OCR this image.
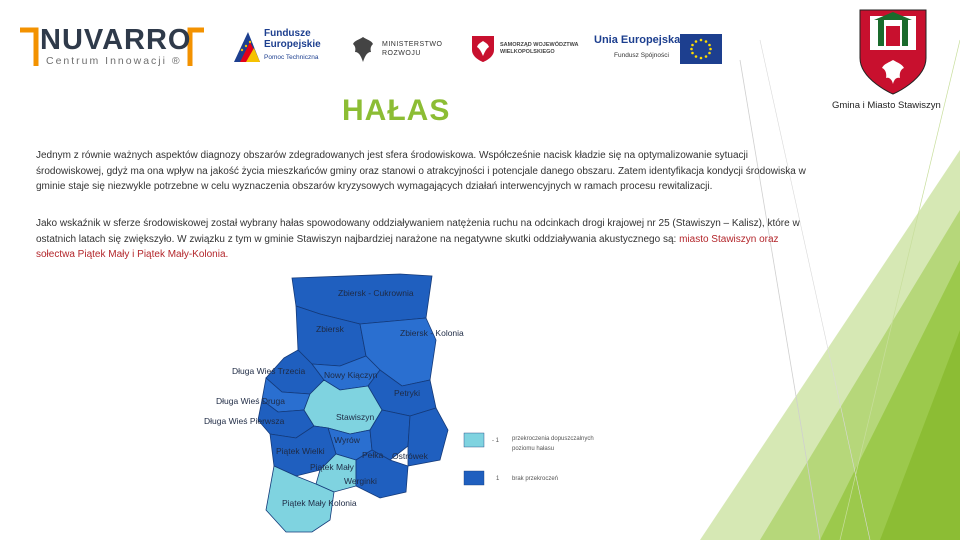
NUVARRO
Centrum Innowacji ®
Fundusze
Europejskie
Pomoc Techniczna
MINISTERSTWO
ROZWOJU
SAMORZĄD WOJEWÓDZTWA
WIELKOPOLSKIEGO
Unia Europejska
Fundusz Spójności
Gmina i Miasto Stawiszyn
HAŁAS
Jednym z równie ważnych aspektów diagnozy obszarów zdegradowanych jest sfera środowiskowa. Współcześnie nacisk kładzie się na optymalizowanie sytuacji środowiskowej, gdyż ma ona wpływ na jakość życia mieszkańców gminy oraz stanowi o atrakcyjności i potencjale danego obszaru. Zatem identyfikacja kondycji środowiska w gminie staje się niezwykle potrzebne w celu wyznaczenia obszarów kryzysowych wymagających działań interwencyjnych w ramach procesu rewitalizacji.
Jako wskaźnik w sferze środowiskowej został wybrany hałas spowodowany oddziaływaniem natężenia ruchu na odcinkach drogi krajowej nr 25 (Stawiszyn – Kalisz), które w ostatnich latach się zwiększyło. W związku z tym w gminie Stawiszyn najbardziej narażone na negatywne skutki oddziaływania akustycznego są: miasto Stawiszyn oraz sołectwa Piątek Mały i Piątek Mały-Kolonia.
Zbiersk - Cukrownia
Zbiersk	Zbiersk - Kolonia
Długa Wieś Trzecia Nowy Kiączyn
Petryki
Długa Wieś Druga
Długa Wieś Pierwsza	Stawiszyn
Wyrów
Pełka Ostrówek
Piątek Wielki
Piątek Mały
Werginki
Piątek Mały Kolonia
- 1 przekroczenia dopuszczalnych
poziomu hałasu
1 brak przekroczeń
